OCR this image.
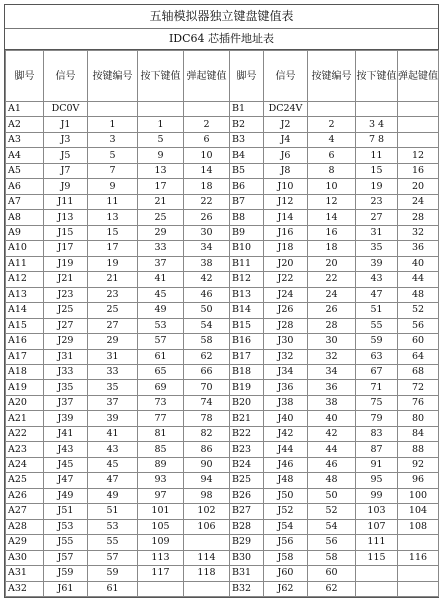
五轴模拟器独立键盘键值表
IDC64 芯插件地址表
脚号	信号	按键编号	按下键值	弹起键值	脚号	信号	按键编号	按下键值	弹起键值
A1	DC0V				B1	DC24V			
A2	J1	1	1	2	B2	J2	2	3 4	
A3	J3	3	5	6	B3	J4	4	7 8	
A4	J5	5	9	10	B4	J6	6	11	12
A5	J7	7	13	14	B5	J8	8	15	16
A6	J9	9	17	18	B6	J10	10	19	20
A7	J11	11	21	22	B7	J12	12	23	24
A8	J13	13	25	26	B8	J14	14	27	28
A9	J15	15	29	30	B9	J16	16	31	32
A10	J17	17	33	34	B10	J18	18	35	36
A11	J19	19	37	38	B11	J20	20	39	40
A12	J21	21	41	42	B12	J22	22	43	44
A13	J23	23	45	46	B13	J24	24	47	48
A14	J25	25	49	50	B14	J26	26	51	52
A15	J27	27	53	54	B15	J28	28	55	56
A16	J29	29	57	58	B16	J30	30	59	60
A17	J31	31	61	62	B17	J32	32	63	64
A18	J33	33	65	66	B18	J34	34	67	68
A19	J35	35	69	70	B19	J36	36	71	72
A20	J37	37	73	74	B20	J38	38	75	76
A21	J39	39	77	78	B21	J40	40	79	80
A22	J41	41	81	82	B22	J42	42	83	84
A23	J43	43	85	86	B23	J44	44	87	88
A24	J45	45	89	90	B24	J46	46	91	92
A25	J47	47	93	94	B25	J48	48	95	96
A26	J49	49	97	98	B26	J50	50	99	100
A27	J51	51	101	102	B27	J52	52	103	104
A28	J53	53	105	106	B28	J54	54	107	108
A29	J55	55	109		B29	J56	56	111	
A30	J57	57	113	114	B30	J58	58	115	116
A31	J59	59	117	118	B31	J60	60		
A32	J61	61			B32	J62	62		
